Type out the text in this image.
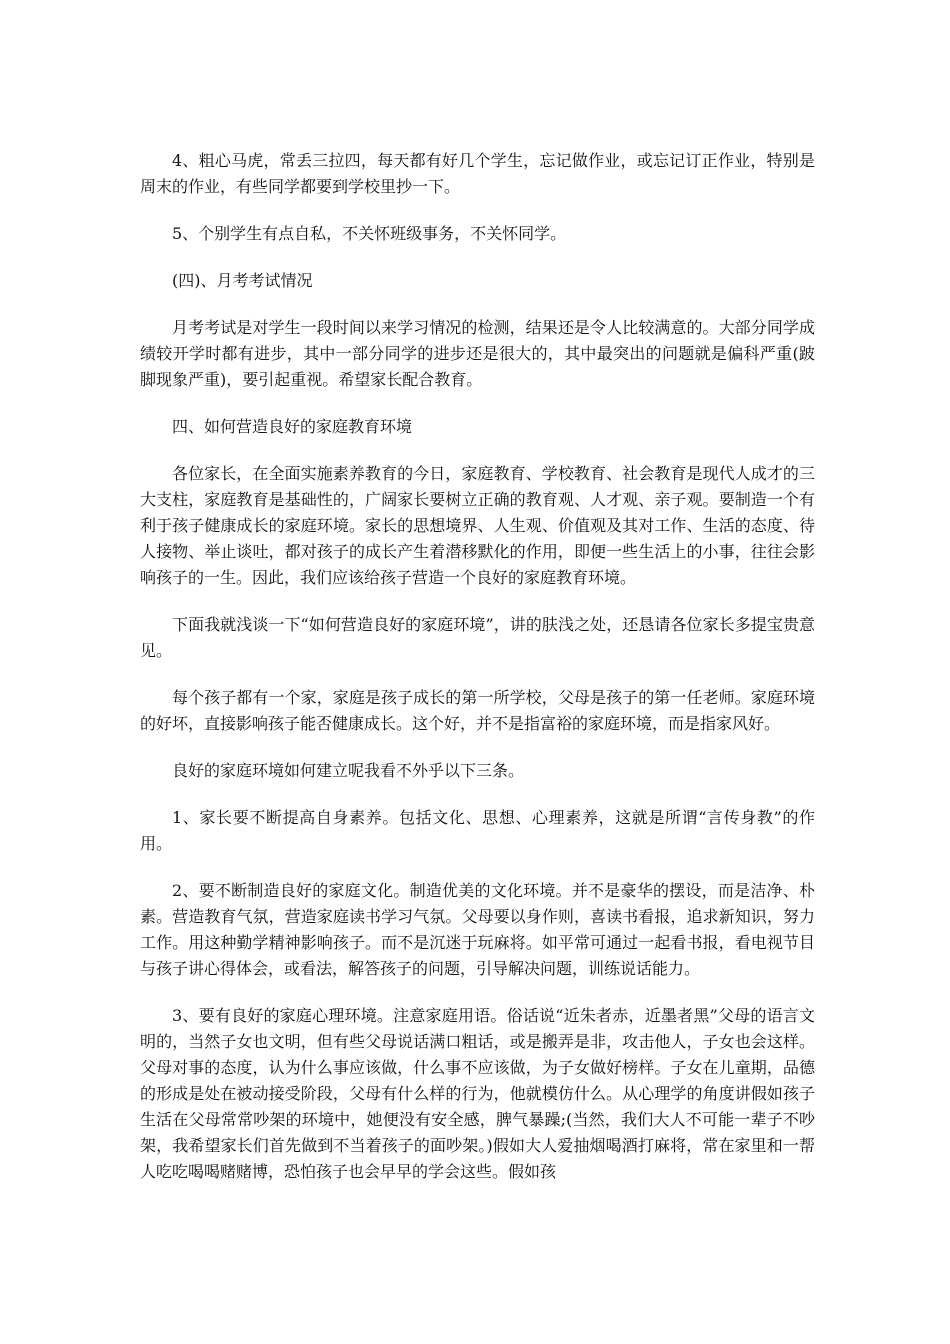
4、粗心马虎，常丢三拉四，每天都有好几个学生，忘记做作业，或忘记订正作业，特别是周末的作业，有些同学都要到学校里抄一下。

5、个别学生有点自私，不关怀班级事务，不关怀同学。

(四)、月考考试情况

月考考试是对学生一段时间以来学习情况的检测，结果还是令人比较满意的。大部分同学成绩较开学时都有进步，其中一部分同学的进步还是很大的，其中最突出的问题就是偏科严重(跛脚现象严重)，要引起重视。希望家长配合教育。

四、如何营造良好的家庭教育环境

各位家长，在全面实施素养教育的今日，家庭教育、学校教育、社会教育是现代人成才的三大支柱，家庭教育是基础性的，广阔家长要树立正确的教育观、人才观、亲子观。要制造一个有利于孩子健康成长的家庭环境。家长的思想境界、人生观、价值观及其对工作、生活的态度、待人接物、举止谈吐，都对孩子的成长产生着潜移默化的作用，即便一些生活上的小事，往往会影响孩子的一生。因此，我们应该给孩子营造一个良好的家庭教育环境。

下面我就浅谈一下“如何营造良好的家庭环境”，讲的肤浅之处，还恳请各位家长多提宝贵意见。

每个孩子都有一个家，家庭是孩子成长的第一所学校，父母是孩子的第一任老师。家庭环境的好坏，直接影响孩子能否健康成长。这个好，并不是指富裕的家庭环境，而是指家风好。

良好的家庭环境如何建立呢我看不外乎以下三条。

1、家长要不断提高自身素养。包括文化、思想、心理素养，这就是所谓“言传身教”的作用。

2、要不断制造良好的家庭文化。制造优美的文化环境。并不是豪华的摆设，而是洁净、朴素。营造教育气氛，营造家庭读书学习气氛。父母要以身作则，喜读书看报，追求新知识，努力工作。用这种勤学精神影响孩子。而不是沉迷于玩麻将。如平常可通过一起看书报，看电视节目与孩子讲心得体会，或看法，解答孩子的问题，引导解决问题，训练说话能力。

3、要有良好的家庭心理环境。注意家庭用语。俗话说“近朱者赤，近墨者黑”父母的语言文明的，当然子女也文明，但有些父母说话满口粗话，或是搬弄是非，攻击他人，子女也会这样。父母对事的态度，认为什么事应该做，什么事不应该做，为子女做好榜样。子女在儿童期，品德的形成是处在被动接受阶段，父母有什么样的行为，他就模仿什么。从心理学的角度讲假如孩子生活在父母常常吵架的环境中，她便没有安全感，脾气暴躁;(当然，我们大人不可能一辈子不吵架，我希望家长们首先做到不当着孩子的面吵架。)假如大人爱抽烟喝酒打麻将，常在家里和一帮人吃吃喝喝赌赌博，恐怕孩子也会早早的学会这些。假如孩
